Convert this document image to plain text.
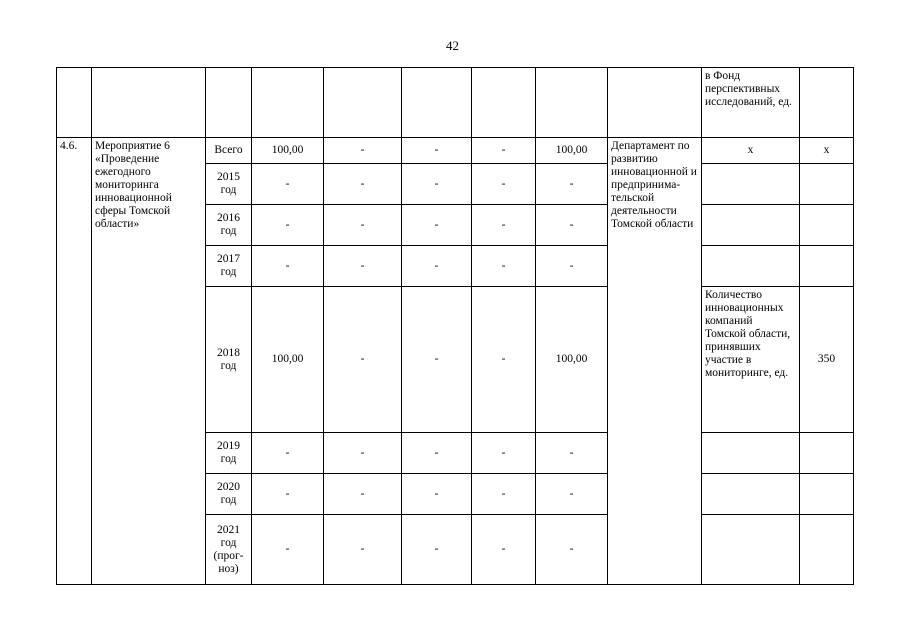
42
									в Фонд перспективных исследований, ед.	
4.6.	Мероприятие 6 «Проведение ежегодного мониторинга инновационной сферы Томской области»	Всего	100,00	-	-	-	100,00	Департамент по развитию инновационной и предпринима-тельской деятельности Томской области	х	х
		2015 год	-	-	-	-	-			
		2016 год	-	-	-	-	-			
		2017 год	-	-	-	-	-			
		2018 год	100,00	-	-	-	100,00		Количество инновационных компаний Томской области, принявших участие в мониторинге, ед.	350
		2019 год	-	-	-	-	-			
		2020 год	-	-	-	-	-			
		2021 год (прог-ноз)	-	-	-	-	-			
